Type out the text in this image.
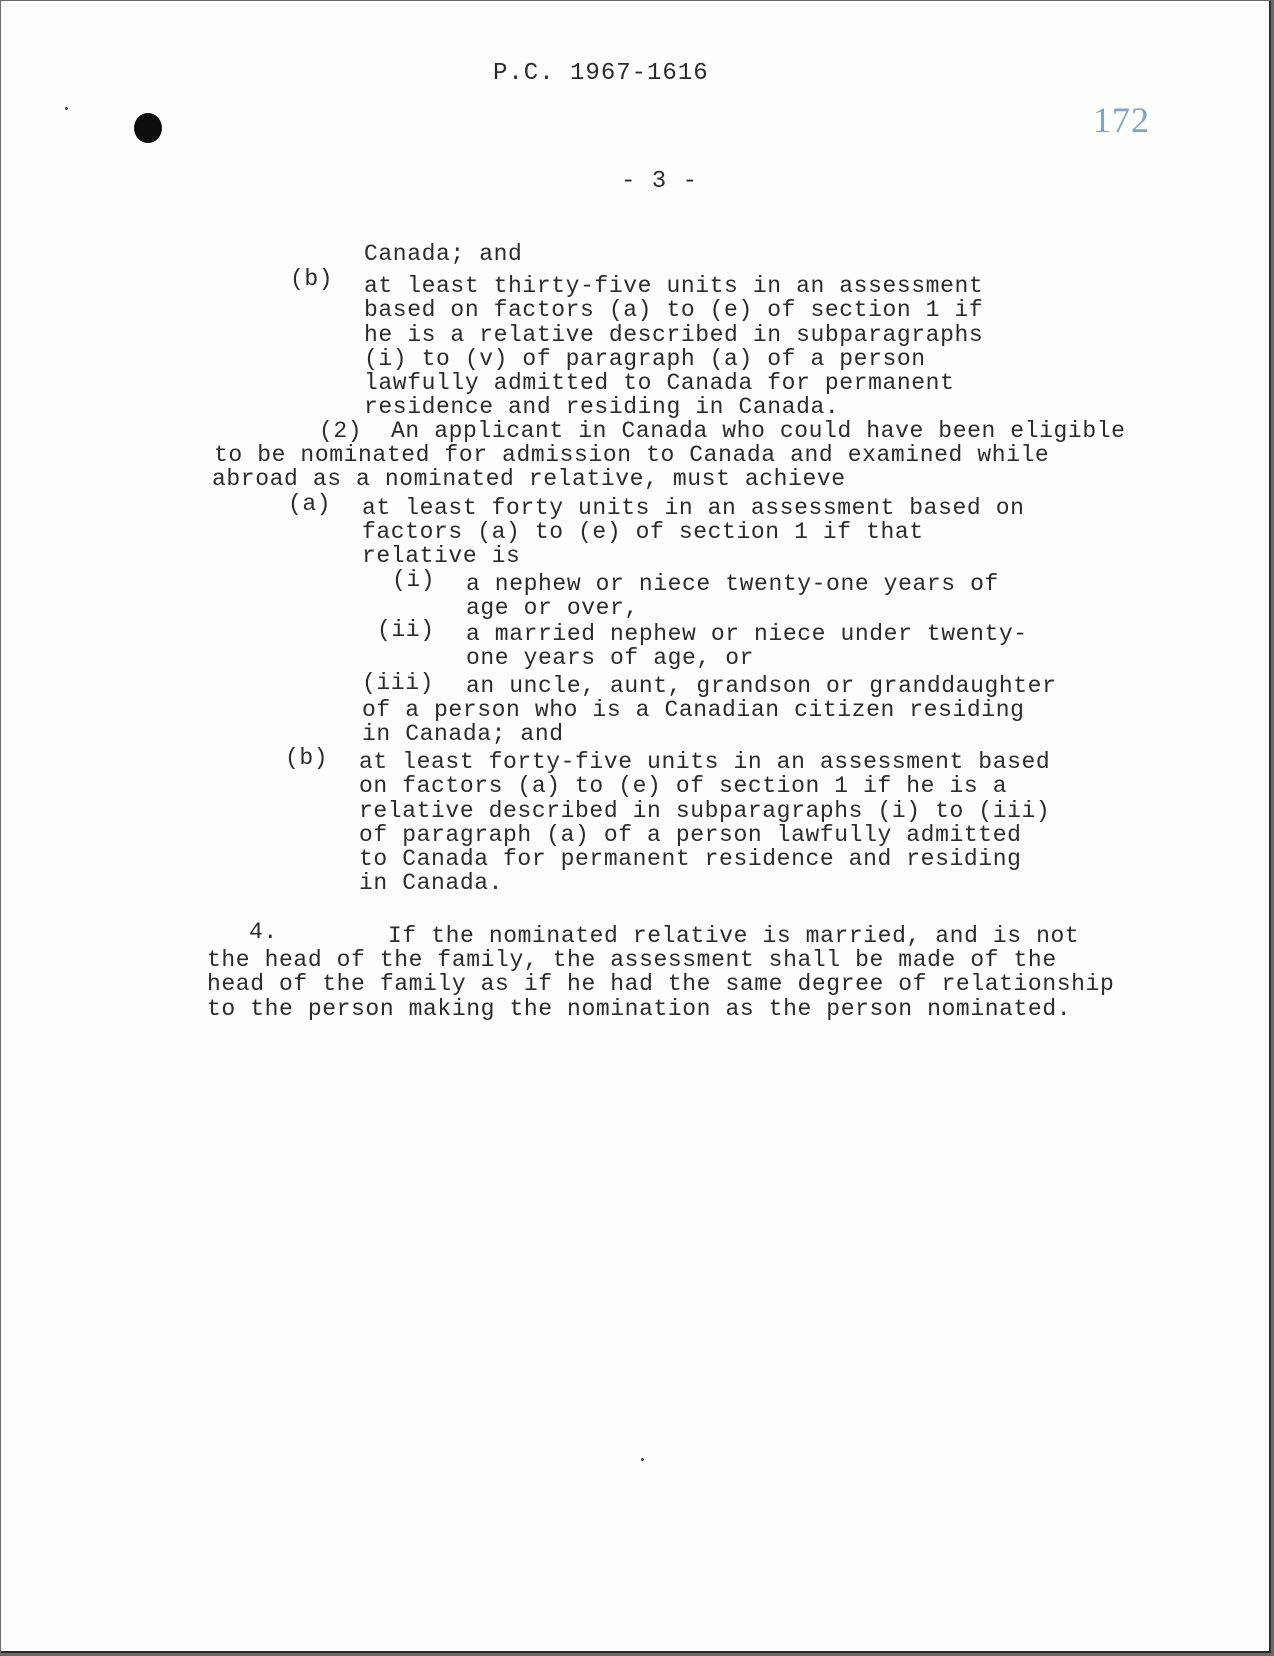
P.C. 1967-1616
172
- 3 -
Canada; and
(b) at least thirty-five units in an assessment
based on factors (a) to (e) of section 1 if
he is a relative described in subparagraphs
(i) to (v) of paragraph (a) of a person
lawfully admitted to Canada for permanent
residence and residing in Canada.
(2)  An applicant in Canada who could have been eligible
to be nominated for admission to Canada and examined while
abroad as a nominated relative, must achieve
(a) at least forty units in an assessment based on
factors (a) to (e) of section 1 if that
relative is
(i) a nephew or niece twenty-one years of
age or over,
(ii) a married nephew or niece under twenty-
one years of age, or
(iii) an uncle, aunt, grandson or granddaughter
of a person who is a Canadian citizen residing
in Canada; and
(b) at least forty-five units in an assessment based
on factors (a) to (e) of section 1 if he is a
relative described in subparagraphs (i) to (iii)
of paragraph (a) of a person lawfully admitted
to Canada for permanent residence and residing
in Canada.
4.	If the nominated relative is married, and is not
the head of the family, the assessment shall be made of the
head of the family as if he had the same degree of relationship
to the person making the nomination as the person nominated.
